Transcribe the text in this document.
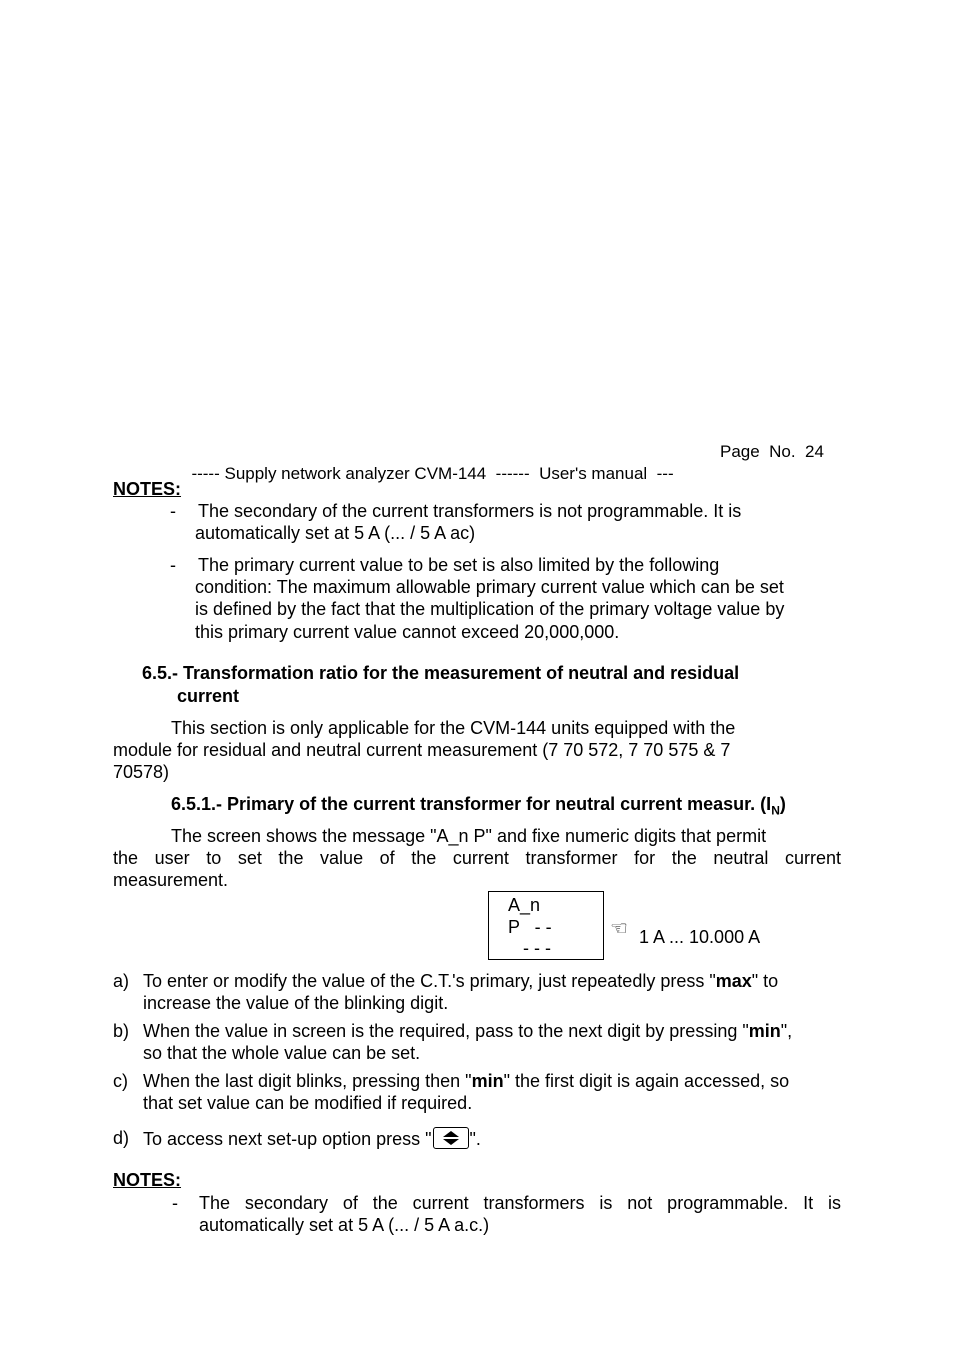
----- Supply network analyzer CVM-144  ------  User's manual  ---

Page  No.  24

NOTES:
- The secondary of the current transformers is not programmable. It is
automatically set at 5 A (... / 5 A ac)
- The primary current value to be set is also limited by the following
condition: The maximum allowable primary current value which can be set
is defined by the fact that the multiplication of the primary voltage value by
this primary current value cannot exceed 20,000,000.
6.5.- Transformation ratio for the measurement of neutral and residual
current
This section is only applicable for the CVM-144 units equipped with the
module for residual and neutral current measurement (7 70 572, 7 70 575 & 7
70578)
6.5.1.- Primary of the current transformer for neutral current measur. $(I_N)$
The screen shows the message "A_n P" and fixe numeric digits that permit
the user to set the value of the current transformer for the neutral current
measurement.
A_n
P   - -
- - -
☜ 1 A ... 10.000 A
a) To enter or modify the value of the C.T.'s primary, just repeatedly press "max" to
increase the value of the blinking digit.
b) When the value in screen is the required, pass to the next digit by pressing "min",
so that the whole value can be set.
c) When the last digit blinks, pressing then "min" the first digit is again accessed, so
that set value can be modified if required.
d) To access next set-up option press " ".
NOTES:
- The secondary of the current transformers is not programmable. It is
automatically set at 5 A (... / 5 A a.c.)
